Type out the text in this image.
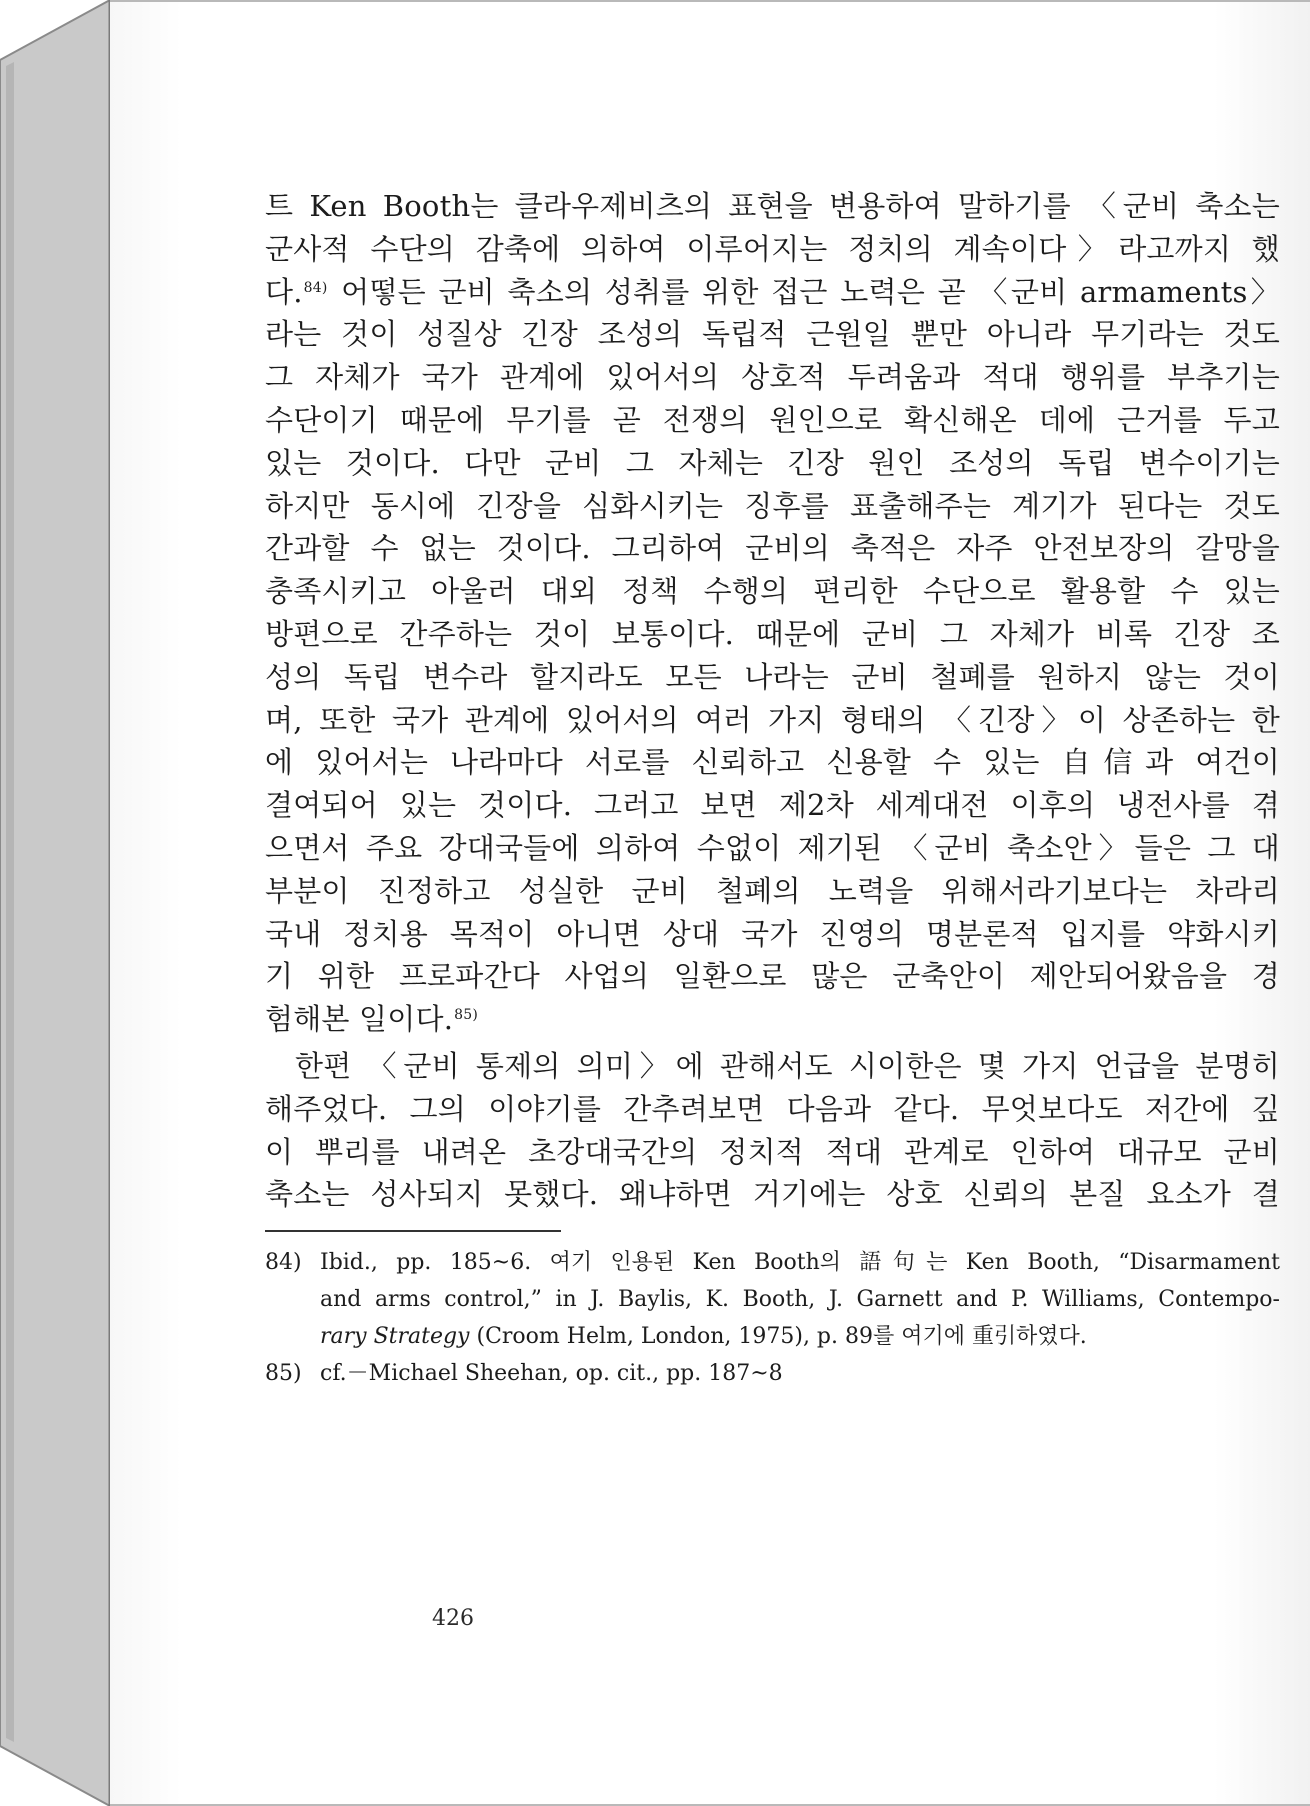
트 Ken Booth는 클라우제비츠의 표현을 변용하여 말하기를 〈군비 축소는
군사적 수단의 감축에 의하여 이루어지는 정치의 계속이다〉라고까지 했
다.$^{84)}$ 어떻든 군비 축소의 성취를 위한 접근 노력은 곧 〈군비 armaments〉
라는 것이 성질상 긴장 조성의 독립적 근원일 뿐만 아니라 무기라는 것도
그 자체가 국가 관계에 있어서의 상호적 두려움과 적대 행위를 부추기는
수단이기 때문에 무기를 곧 전쟁의 원인으로 확신해온 데에 근거를 두고
있는 것이다. 다만 군비 그 자체는 긴장 원인 조성의 독립 변수이기는
하지만 동시에 긴장을 심화시키는 징후를 표출해주는 계기가 된다는 것도
간과할 수 없는 것이다. 그리하여 군비의 축적은 자주 안전보장의 갈망을
충족시키고 아울러 대외 정책 수행의 편리한 수단으로 활용할 수 있는
방편으로 간주하는 것이 보통이다. 때문에 군비 그 자체가 비록 긴장 조
성의 독립 변수라 할지라도 모든 나라는 군비 철폐를 원하지 않는 것이
며, 또한 국가 관계에 있어서의 여러 가지 형태의 〈긴장〉이 상존하는 한
에 있어서는 나라마다 서로를 신뢰하고 신용할 수 있는 自信과 여건이
결여되어 있는 것이다. 그러고 보면 제2차 세계대전 이후의 냉전사를 겪
으면서 주요 강대국들에 의하여 수없이 제기된 〈군비 축소안〉들은 그 대
부분이 진정하고 성실한 군비 철폐의 노력을 위해서라기보다는 차라리
국내 정치용 목적이 아니면 상대 국가 진영의 명분론적 입지를 약화시키
기 위한 프로파간다 사업의 일환으로 많은 군축안이 제안되어왔음을 경
험해본 일이다.$^{85)}$
한편 〈군비 통제의 의미〉에 관해서도 시이한은 몇 가지 언급을 분명히
해주었다. 그의 이야기를 간추려보면 다음과 같다. 무엇보다도 저간에 깊
이 뿌리를 내려온 초강대국간의 정치적 적대 관계로 인하여 대규모 군비
축소는 성사되지 못했다. 왜냐하면 거기에는 상호 신뢰의 본질 요소가 결
84) Ibid., pp. 185~6. 여기 인용된 Ken Booth의 語句는 Ken Booth, “Disarmament
and arms control,” in J. Baylis, K. Booth, J. Garnett and P. Williams, Contempo-
rary Strategy (Croom Helm, London, 1975), p. 89를 여기에 重引하였다.
85) cf.－Michael Sheehan, op. cit., pp. 187~8
426
